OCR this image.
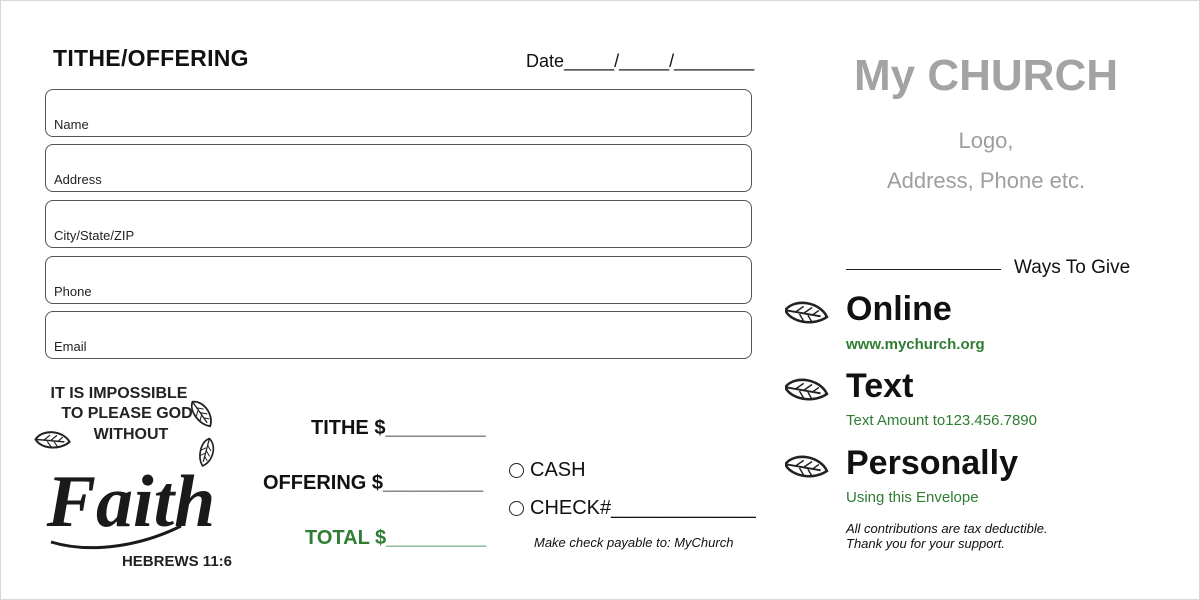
TITHE/OFFERING	Date_____/_____/________
Name
Address
City/State/ZIP
Phone
Email
IT IS IMPOSSIBLE
TO PLEASE GOD
WITHOUT
Faith
HEBREWS 11:6
TITHE $_________
OFFERING $_________
TOTAL $_________
CASH
CHECK#_____________
Make check payable to: MyChurch
My CHURCH
Logo,
Address, Phone etc.
Ways To Give
Online
www.mychurch.org
Text
Text Amount to123.456.7890
Personally
Using this Envelope
All contributions are tax deductible.
Thank you for your support.
